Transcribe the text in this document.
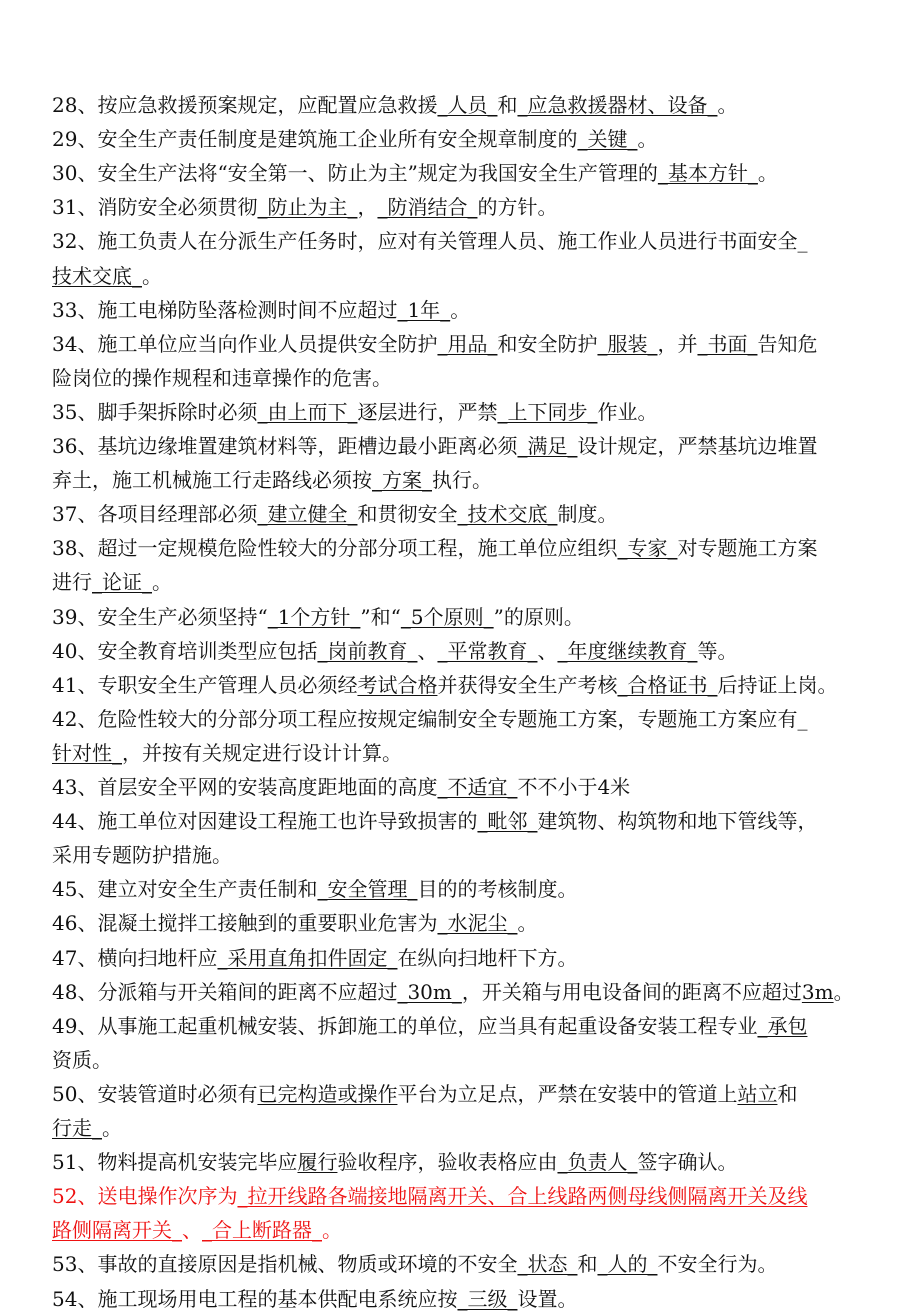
28、按应急救援预案规定，应配置应急救援_人员_和_应急救援器材、设备_。
29、安全生产责任制度是建筑施工企业所有安全规章制度的_关键_。
30、安全生产法将“安全第一、防止为主”规定为我国安全生产管理的_基本方针_。
31、消防安全必须贯彻_防止为主_，_防消结合_的方针。
32、施工负责人在分派生产任务时，应对有关管理人员、施工作业人员进行书面安全_
技术交底_。
33、施工电梯防坠落检测时间不应超过_1年_。
34、施工单位应当向作业人员提供安全防护_用品_和安全防护_服装_，并_书面_告知危
险岗位的操作规程和违章操作的危害。
35、脚手架拆除时必须_由上而下_逐层进行，严禁_上下同步_作业。
36、基坑边缘堆置建筑材料等，距槽边最小距离必须_满足_设计规定，严禁基坑边堆置
弃土，施工机械施工行走路线必须按_方案_执行。
37、各项目经理部必须_建立健全_和贯彻安全_技术交底_制度。
38、超过一定规模危险性较大的分部分项工程，施工单位应组织_专家_对专题施工方案
进行_论证_。
39、安全生产必须坚持“_1个方针_”和“_5个原则_”的原则。
40、安全教育培训类型应包括_岗前教育_、_平常教育_、_年度继续教育_等。
41、专职安全生产管理人员必须经考试合格并获得安全生产考核_合格证书_后持证上岗。
42、危险性较大的分部分项工程应按规定编制安全专题施工方案，专题施工方案应有_
针对性_，并按有关规定进行设计计算。
43、首层安全平网的安装高度距地面的高度_不适宜_不不小于4米
44、施工单位对因建设工程施工也许导致损害的_毗邻_建筑物、构筑物和地下管线等，
采用专题防护措施。
45、建立对安全生产责任制和_安全管理_目的的考核制度。
46、混凝土搅拌工接触到的重要职业危害为_水泥尘_。
47、横向扫地杆应_采用直角扣件固定_在纵向扫地杆下方。
48、分派箱与开关箱间的距离不应超过_30m_，开关箱与用电设备间的距离不应超过3m。
49、从事施工起重机械安装、拆卸施工的单位，应当具有起重设备安装工程专业_承包
资质。
50、安装管道时必须有已完构造或操作平台为立足点，严禁在安装中的管道上站立和
行走_。
51、物料提高机安装完毕应履行验收程序，验收表格应由_负责人_签字确认。
52、送电操作次序为_拉开线路各端接地隔离开关、合上线路两侧母线侧隔离开关及线
路侧隔离开关_、_合上断路器_。
53、事故的直接原因是指机械、物质或环境的不安全_状态_和_人的_不安全行为。
54、施工现场用电工程的基本供配电系统应按_三级_设置。
